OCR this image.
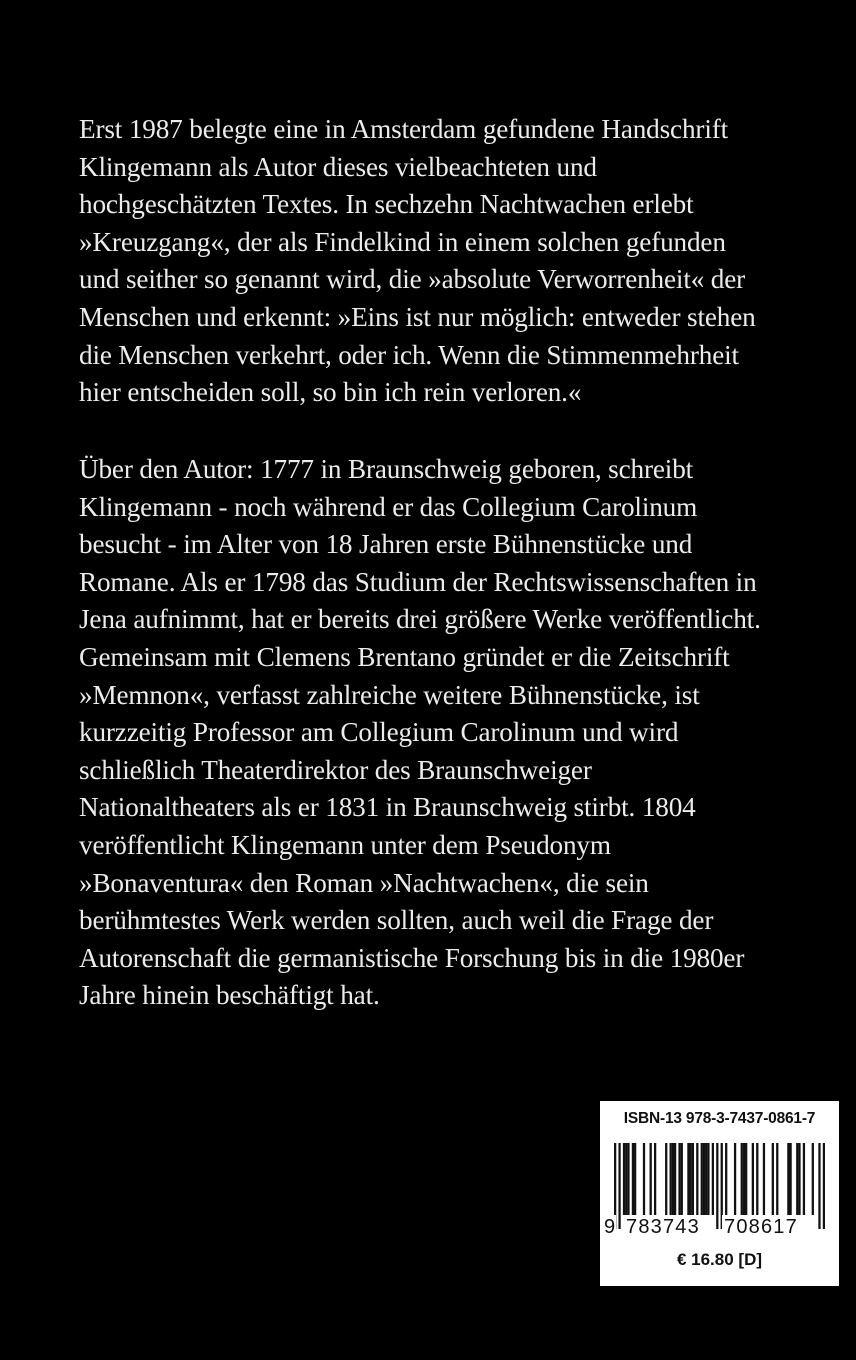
Erst 1987 belegte eine in Amsterdam gefundene Handschrift
Klingemann als Autor dieses vielbeachteten und
hochgeschätzten Textes. In sechzehn Nachtwachen erlebt
»Kreuzgang«, der als Findelkind in einem solchen gefunden
und seither so genannt wird, die »absolute Verworrenheit« der
Menschen und erkennt: »Eins ist nur möglich: entweder stehen
die Menschen verkehrt, oder ich. Wenn die Stimmenmehrheit
hier entscheiden soll, so bin ich rein verloren.«
Über den Autor: 1777 in Braunschweig geboren, schreibt
Klingemann - noch während er das Collegium Carolinum
besucht - im Alter von 18 Jahren erste Bühnenstücke und
Romane. Als er 1798 das Studium der Rechtswissenschaften in
Jena aufnimmt, hat er bereits drei größere Werke veröffentlicht.
Gemeinsam mit Clemens Brentano gründet er die Zeitschrift
»Memnon«, verfasst zahlreiche weitere Bühnenstücke, ist
kurzzeitig Professor am Collegium Carolinum und wird
schließlich Theaterdirektor des Braunschweiger
Nationaltheaters als er 1831 in Braunschweig stirbt. 1804
veröffentlicht Klingemann unter dem Pseudonym
»Bonaventura« den Roman »Nachtwachen«, die sein
berühmtestes Werk werden sollten, auch weil die Frage der
Autorenschaft die germanistische Forschung bis in die 1980er
Jahre hinein beschäftigt hat.
ISBN-13 978-3-7437-0861-7
9 783743 708617
€ 16.80 [D]
